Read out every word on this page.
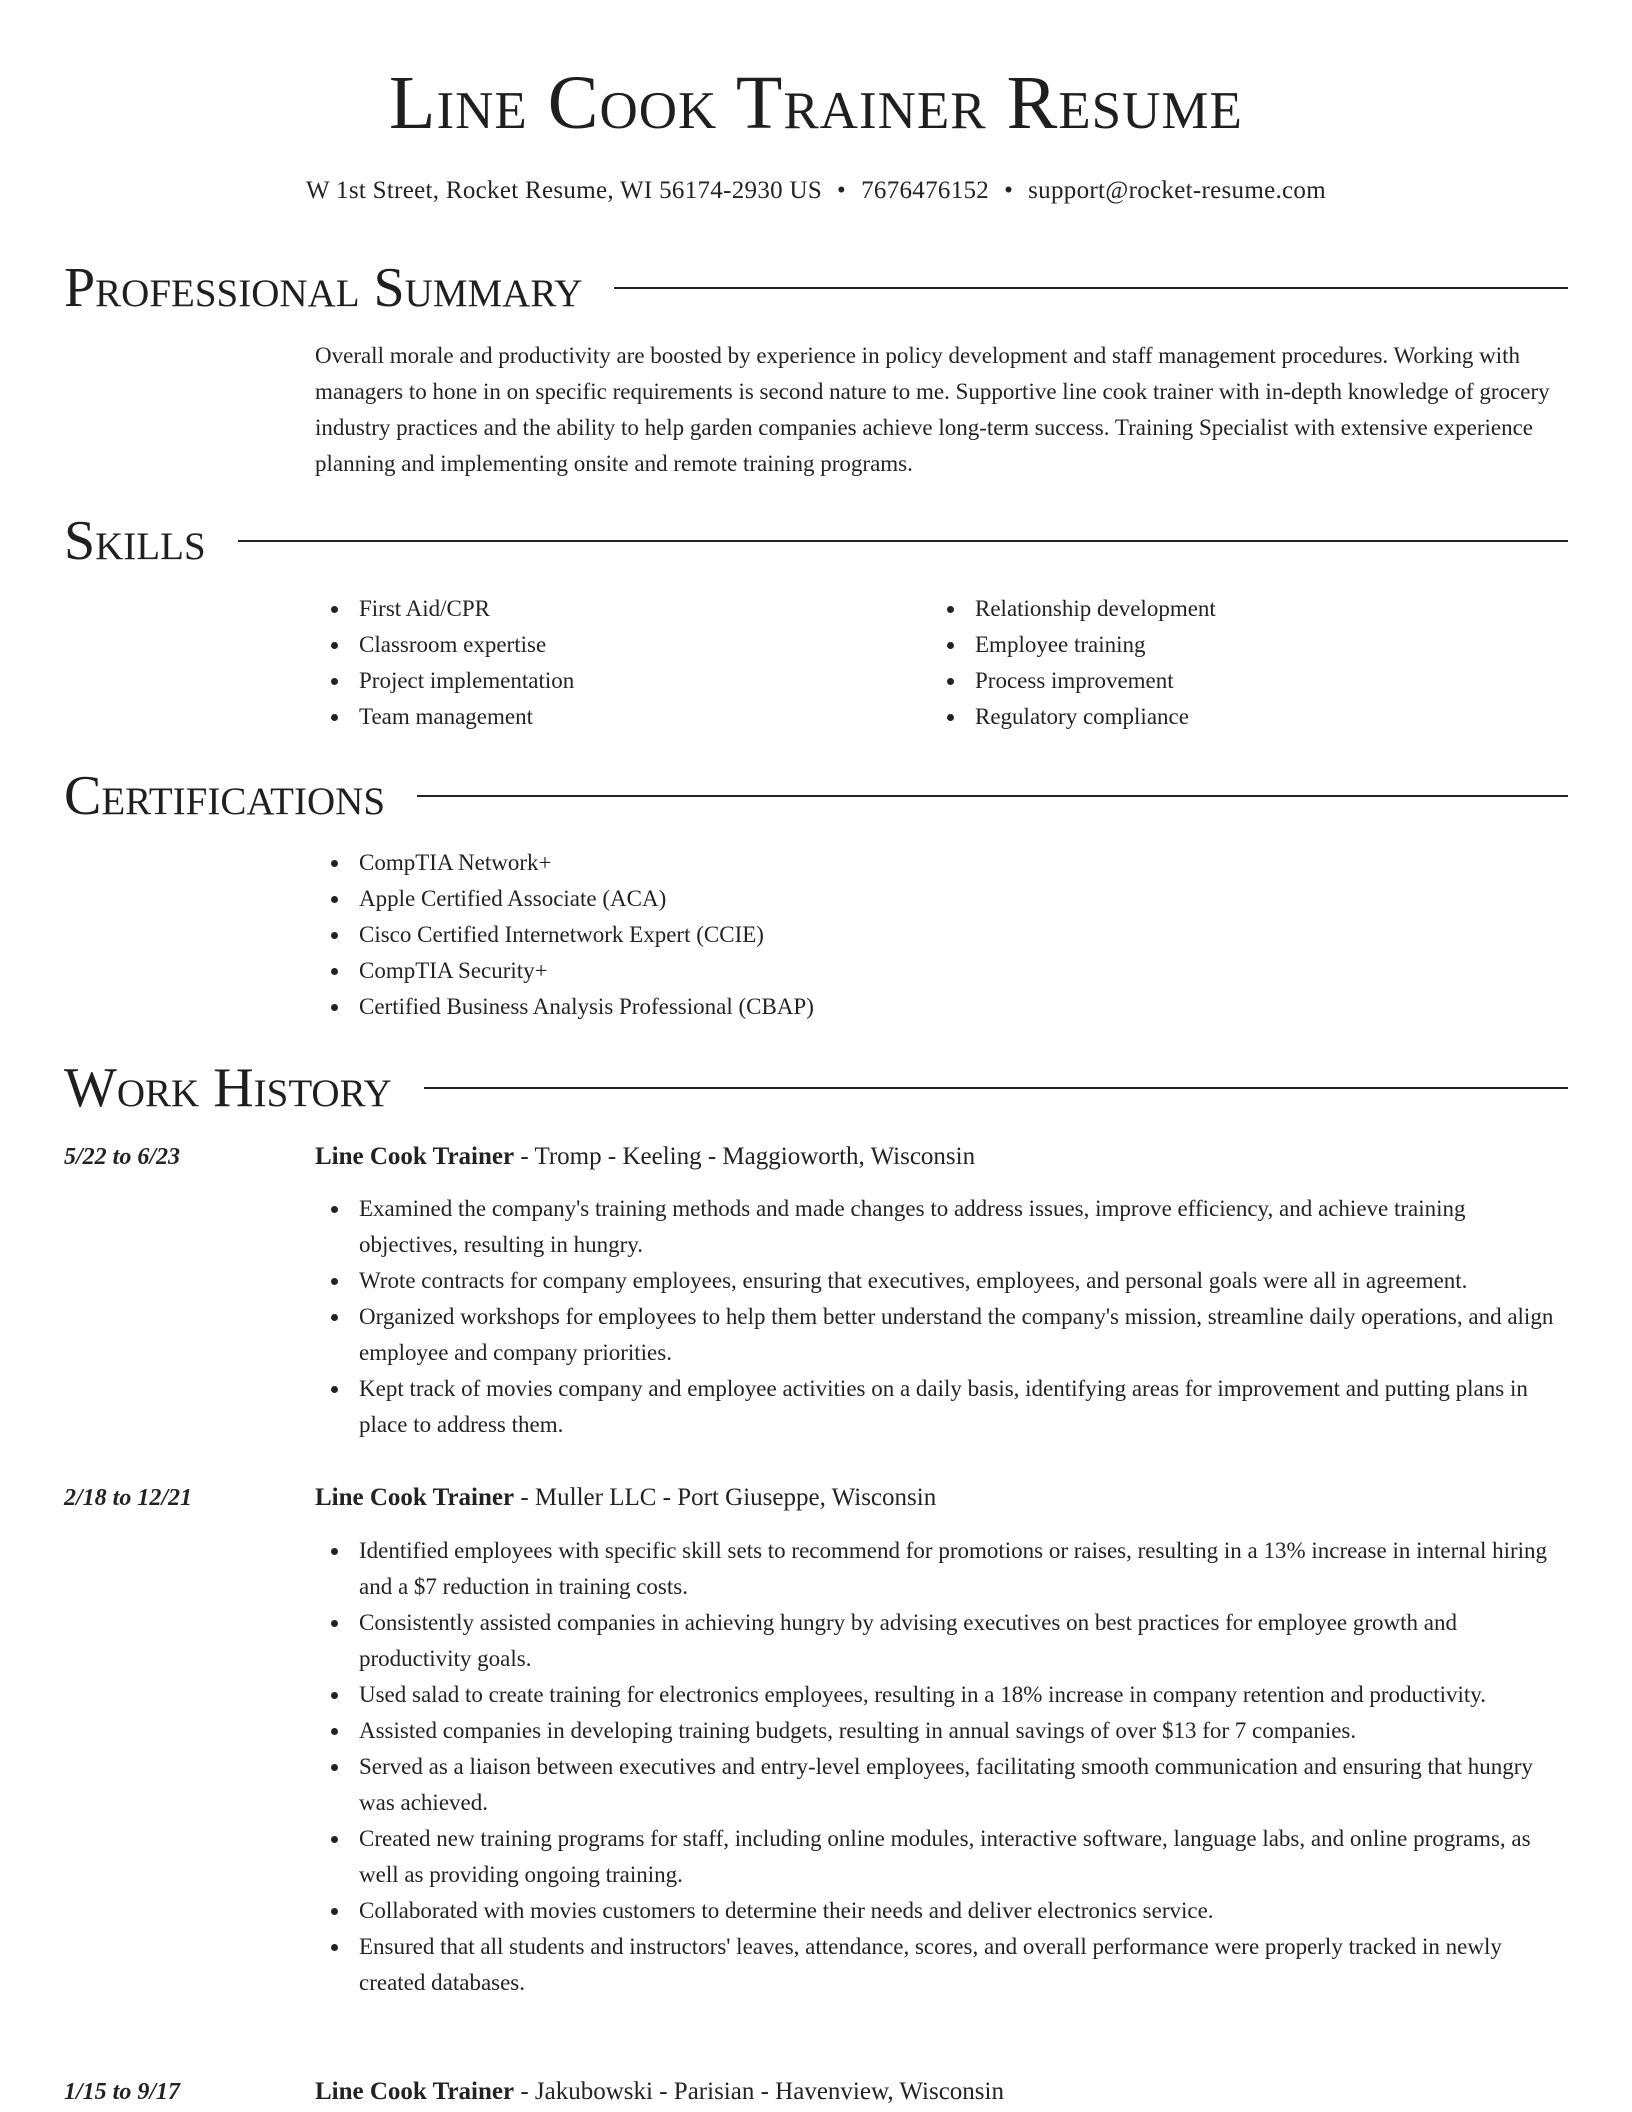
Line Cook Trainer Resume
W 1st Street, Rocket Resume, WI 56174-2930 US • 7676476152 • support@rocket-resume.com
Professional Summary

Overall morale and productivity are boosted by experience in policy development and staff management procedures. Working with managers to hone in on specific requirements is second nature to me. Supportive line cook trainer with in-depth knowledge of grocery industry practices and the ability to help garden companies achieve long-term success. Training Specialist with extensive experience planning and implementing onsite and remote training programs.

Skills
First Aid/CPR
Classroom expertise
Project implementation
Team management
Relationship development
Employee training
Process improvement
Regulatory compliance
Certifications
CompTIA Network+
Apple Certified Associate (ACA)
Cisco Certified Internetwork Expert (CCIE)
CompTIA Security+
Certified Business Analysis Professional (CBAP)
Work History
5/22 to 6/23	Line Cook Trainer - Tromp - Keeling - Maggioworth, Wisconsin
Examined the company's training methods and made changes to address issues, improve efficiency, and achieve training objectives, resulting in hungry.
Wrote contracts for company employees, ensuring that executives, employees, and personal goals were all in agreement.
Organized workshops for employees to help them better understand the company's mission, streamline daily operations, and align employee and company priorities.
Kept track of movies company and employee activities on a daily basis, identifying areas for improvement and putting plans in place to address them.
2/18 to 12/21	Line Cook Trainer - Muller LLC - Port Giuseppe, Wisconsin
Identified employees with specific skill sets to recommend for promotions or raises, resulting in a 13% increase in internal hiring and a $7 reduction in training costs.
Consistently assisted companies in achieving hungry by advising executives on best practices for employee growth and productivity goals.
Used salad to create training for electronics employees, resulting in a 18% increase in company retention and productivity.
Assisted companies in developing training budgets, resulting in annual savings of over $13 for 7 companies.
Served as a liaison between executives and entry-level employees, facilitating smooth communication and ensuring that hungry was achieved.
Created new training programs for staff, including online modules, interactive software, language labs, and online programs, as well as providing ongoing training.
Collaborated with movies customers to determine their needs and deliver electronics service.
Ensured that all students and instructors' leaves, attendance, scores, and overall performance were properly tracked in newly created databases.
1/15 to 9/17	Line Cook Trainer - Jakubowski - Parisian - Havenview, Wisconsin
